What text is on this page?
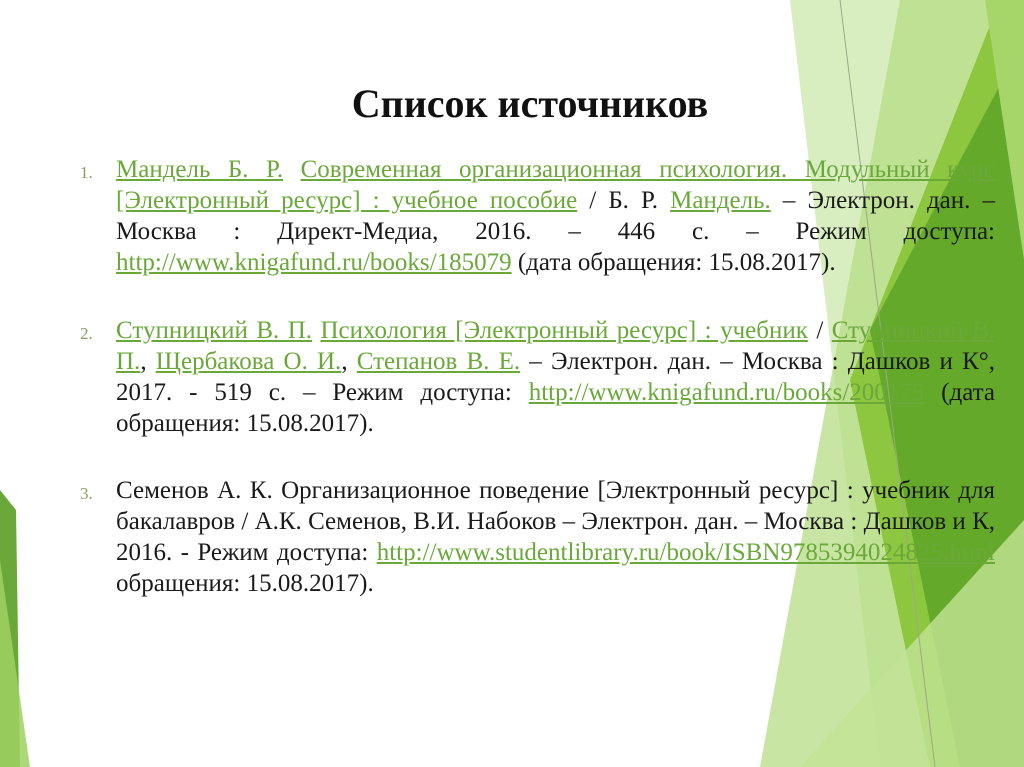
Список источников
1. Мандель Б. Р. Современная организационная психология. Модульный курс [Электронный ресурс] : учебное пособие / Б. Р. Мандель. – Электрон. дан. – Москва : Директ-Медиа, 2016. – 446 с. – Режим доступа: http://www.knigafund.ru/books/185079 (дата обращения: 15.08.2017).
2. Ступницкий В. П. Психология [Электронный ресурс] : учебник / Ступницкий В. П., Щербакова О. И., Степанов В. Е. – Электрон. дан. – Москва : Дашков и К°, 2017. - 519 с. – Режим доступа: http://www.knigafund.ru/books/200175 (дата обращения: 15.08.2017).
3. Семенов А. К. Организационное поведение [Электронный ресурс] : учебник для бакалавров / А.К. Семенов, В.И. Набоков – Электрон. дан. – Москва : Дашков и К, 2016. - Режим доступа: http://www.studentlibrary.ru/book/ISBN9785394024825.html обращения: 15.08.2017).
